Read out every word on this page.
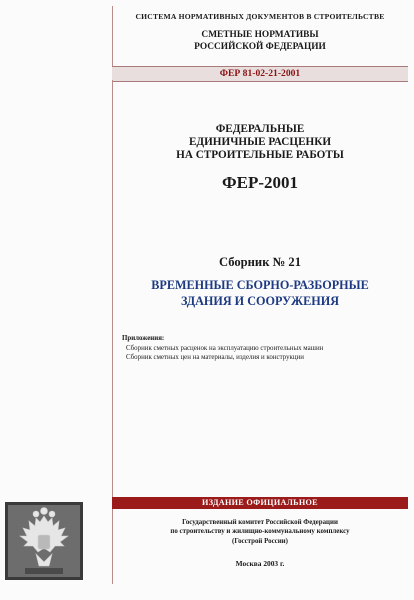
СИСТЕМА НОРМАТИВНЫХ ДОКУМЕНТОВ В СТРОИТЕЛЬСТВЕ
СМЕТНЫЕ НОРМАТИВЫ
РОССИЙСКОЙ ФЕДЕРАЦИИ
ФЕР 81-02-21-2001
ФЕДЕРАЛЬНЫЕ
ЕДИНИЧНЫЕ РАСЦЕНКИ
НА СТРОИТЕЛЬНЫЕ РАБОТЫ
ФЕР-2001
Сборник № 21
ВРЕМЕННЫЕ СБОРНО-РАЗБОРНЫЕ
ЗДАНИЯ И СООРУЖЕНИЯ
Приложения:
Сборник сметных расценок на эксплуатацию строительных машин
Сборник сметных цен на материалы, изделия и конструкции
ИЗДАНИЕ ОФИЦИАЛЬНОЕ
Государственный комитет Российской Федерации
по строительству и жилищно-коммунальному комплексу
(Госстрой России)
Москва 2003 г.
